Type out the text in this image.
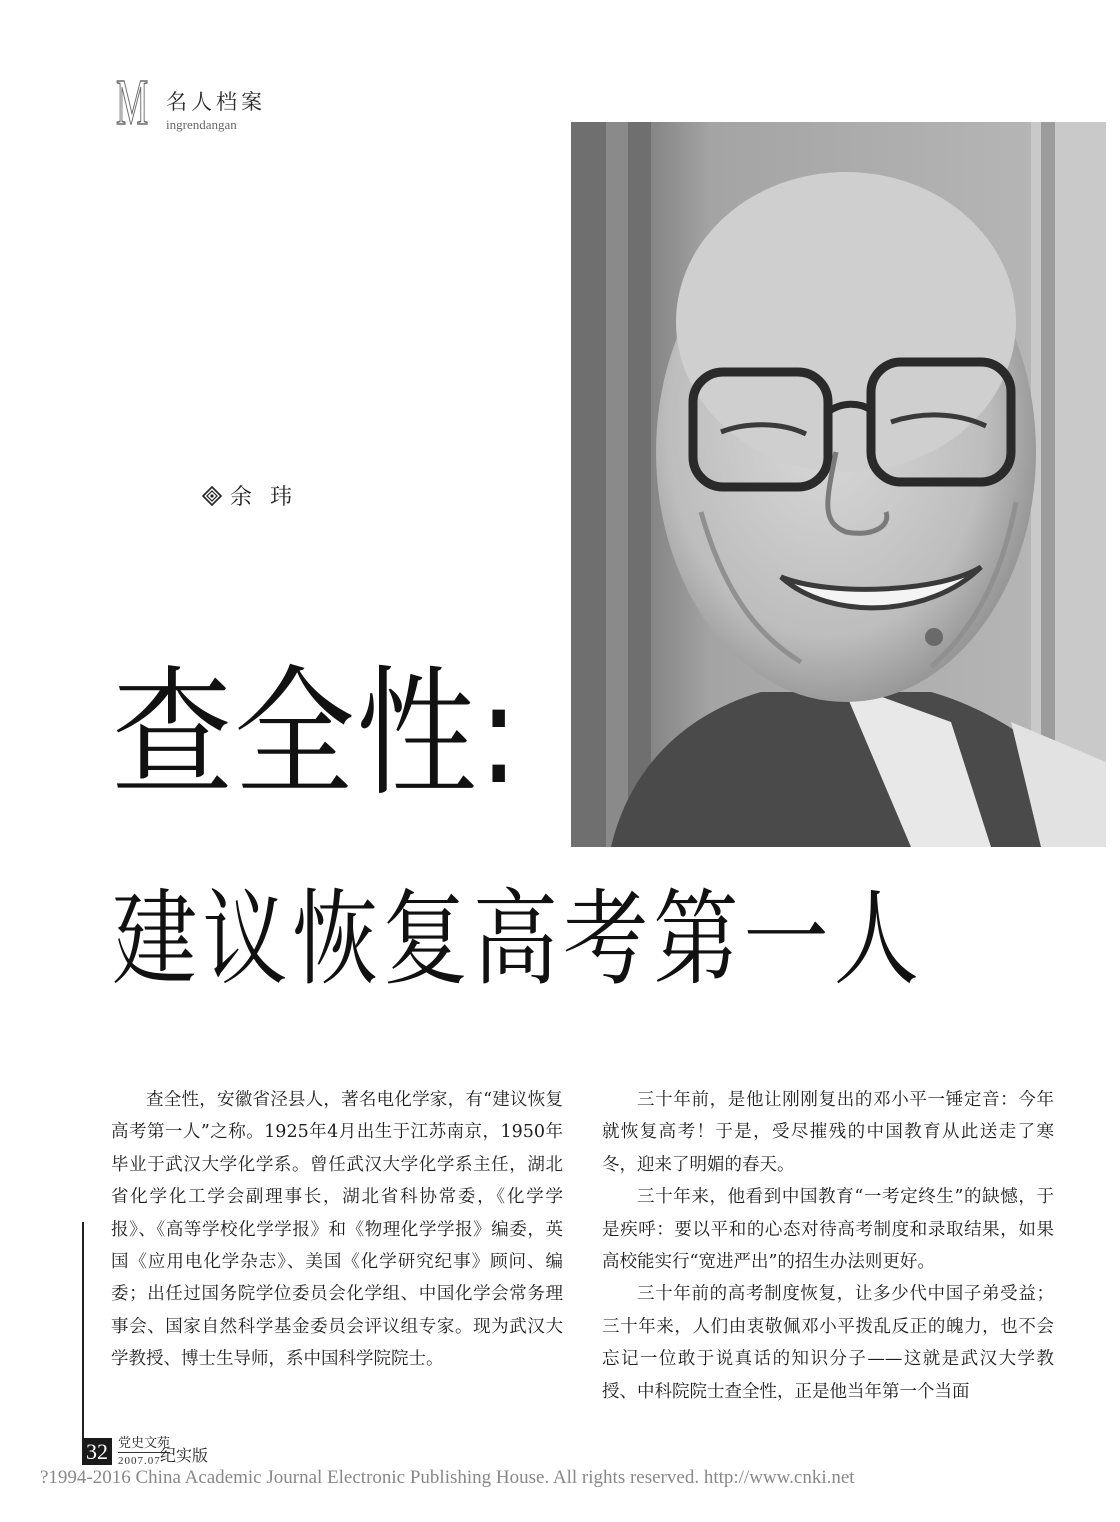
M 名人档案
ingrendangan
余玮
查全性:
建议恢复高考第一人

查全性，安徽省泾县人，著名电化学家，有“建议恢复高考第一人”之称。1925年4月出生于江苏南京，1950年毕业于武汉大学化学系。曾任武汉大学化学系主任，湖北省化学化工学会副理事长，湖北省科协常委，《化学学报》、《高等学校化学学报》和《物理化学学报》编委，英国《应用电化学杂志》、美国《化学研究纪事》顾问、编委；出任过国务院学位委员会化学组、中国化学会常务理事会、国家自然科学基金委员会评议组专家。现为武汉大学教授、博士生导师，系中国科学院院士。

三十年前，是他让刚刚复出的邓小平一锤定音：今年就恢复高考！于是，受尽摧残的中国教育从此送走了寒冬，迎来了明媚的春天。

三十年来，他看到中国教育“一考定终生”的缺憾，于是疾呼：要以平和的心态对待高考制度和录取结果，如果高校能实行“宽进严出”的招生办法则更好。

三十年前的高考制度恢复，让多少代中国子弟受益；三十年来，人们由衷敬佩邓小平拨乱反正的魄力，也不会忘记一位敢于说真话的知识分子——这就是武汉大学教授、中科院院士查全性，正是他当年第一个当面

32 党史文苑
2007.07 纪实版
?1994-2016 China Academic Journal Electronic Publishing House. All rights reserved. http://www.cnki.net
